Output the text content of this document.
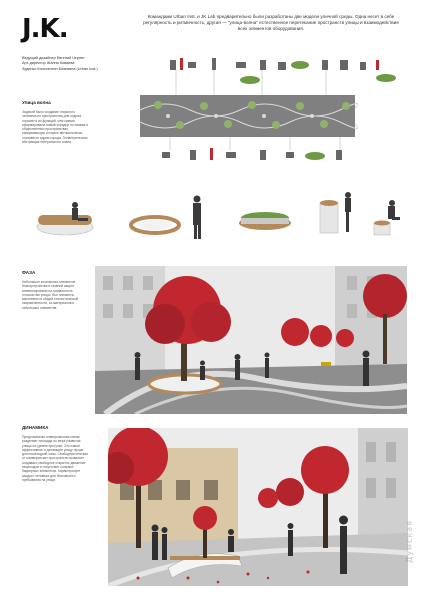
J.K.	Командами Urban Inst. и JK Lab предварительно были разработаны две модели уличной среды. Одна несет в себе регулярность и ритмичность, другая — "улица-волна" естественное перетекание пространств улицы и взаимодействие всех элементов оборудования.
Ведущий дизайнер Евгений Чернет
Арт-директор Жанна Коваева
Зуденко Константин Бланкина (Urban Inst.)
Улица волна
Задачей было создание открытого человечного пространства для отдыха горожан и их функций, чем самым сформировали новый коридор по связям в общественных пространствах, раскрывающих которые автоматически становятся ядром города. Геометрическая абстракция генерального плана
ФАЗА
Небольшое количество элементов благоустройства в главной акцент компенсировали на графичность плоскостью улицы. Все элементы выполнены в общей стилистической направленности, из материалов и небольших элементов.
ДИНАМИКА
Предложенная планировочная схема разделяет площадь по мере развития улицы на уровне прогулки. Это самое эффективное и делающее улицу лучше для пешеходной зоны. Свободная плоская от коммерческих пространств позволяет создавать свободное открытое движение пешеходов и отсутствие сложных барьерных элементов. Характеризует каждого человека для безопасного пребывания на улице.
Думская
